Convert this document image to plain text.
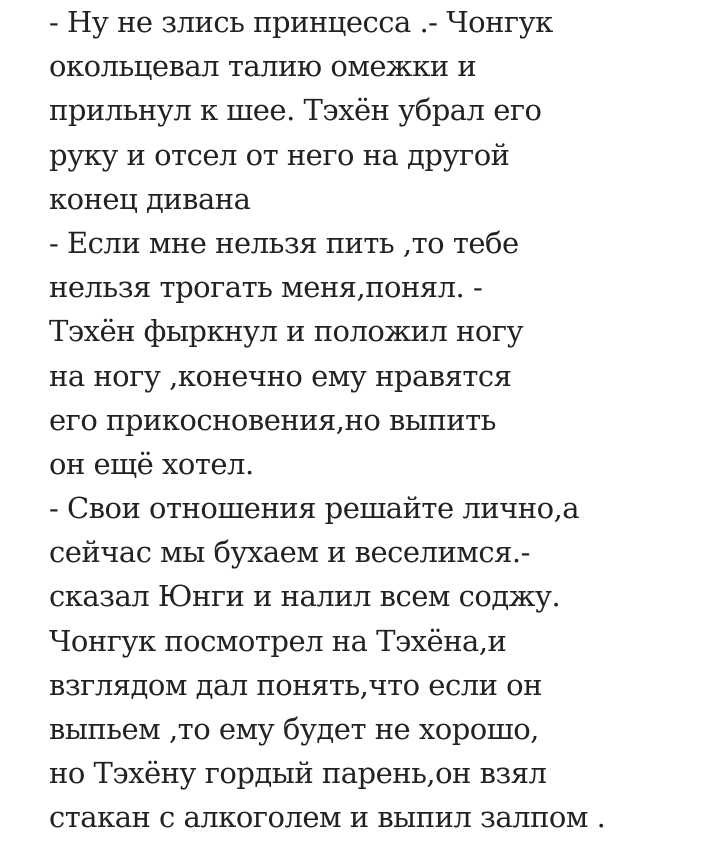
- Ну не злись принцесса .- Чонгук
окольцевал талию омежки и
прильнул к шее. Тэхён убрал его
руку и отсел от него на другой
конец дивана
- Если мне нельзя пить ,то тебе
нельзя трогать меня,понял. -
Тэхён фыркнул и положил ногу
на ногу ,конечно ему нравятся
его прикосновения,но выпить
он ещё хотел.
- Свои отношения решайте лично,а
сейчас мы бухаем и веселимся.-
сказал Юнги и налил всем соджу.
Чонгук посмотрел на Тэхёна,и
взглядом дал понять,что если он
выпьем ,то ему будет не хорошо,
но Тэхёну гордый парень,он взял
стакан с алкоголем и выпил залпом .
